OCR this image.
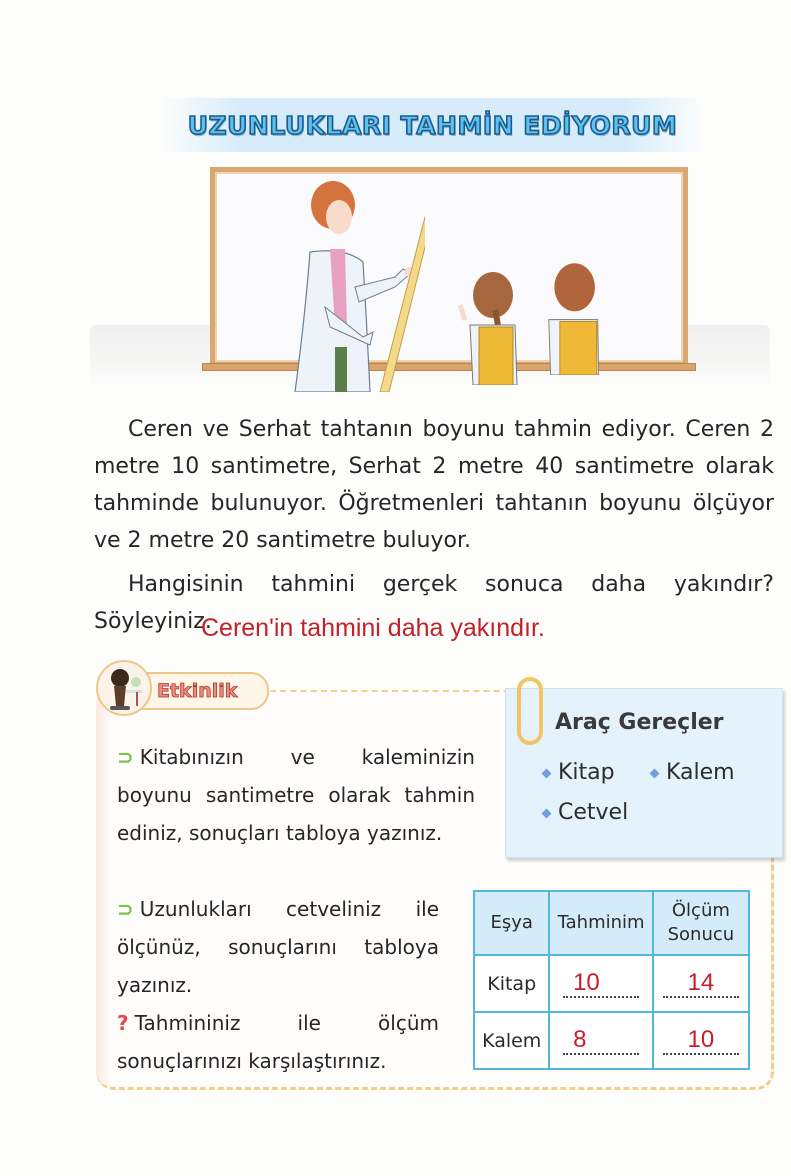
UZUNLUKLARI TAHMİN EDİYORUM

Ceren ve Serhat tahtanın boyunu tahmin ediyor. Ceren 2 metre 10 santimetre, Serhat 2 metre 40 santimetre olarak tahminde bulunuyor. Öğretmenleri tahtanın boyunu ölçüyor ve 2 metre 20 santimetre buluyor.

Hangisinin tahmini gerçek sonuca daha yakındır? Söyleyiniz.

Ceren'in tahmini daha yakındır.
Etkinlik

⊃ Kitabınızın ve kaleminizin boyunu santimetre olarak tahmin ediniz, sonuçları tabloya yazınız.

⊃ Uzunlukları cetveliniz ile ölçünüz, sonuçlarını tabloya yazınız.

? Tahmininiz ile ölçüm sonuçlarınızı karşılaştırınız.

Araç Gereçler
Kitap	Kalem
Cetvel
Eşya	Tahminim	Ölçüm
Sonucu

Kitap	10	14
Kalem	8	10
